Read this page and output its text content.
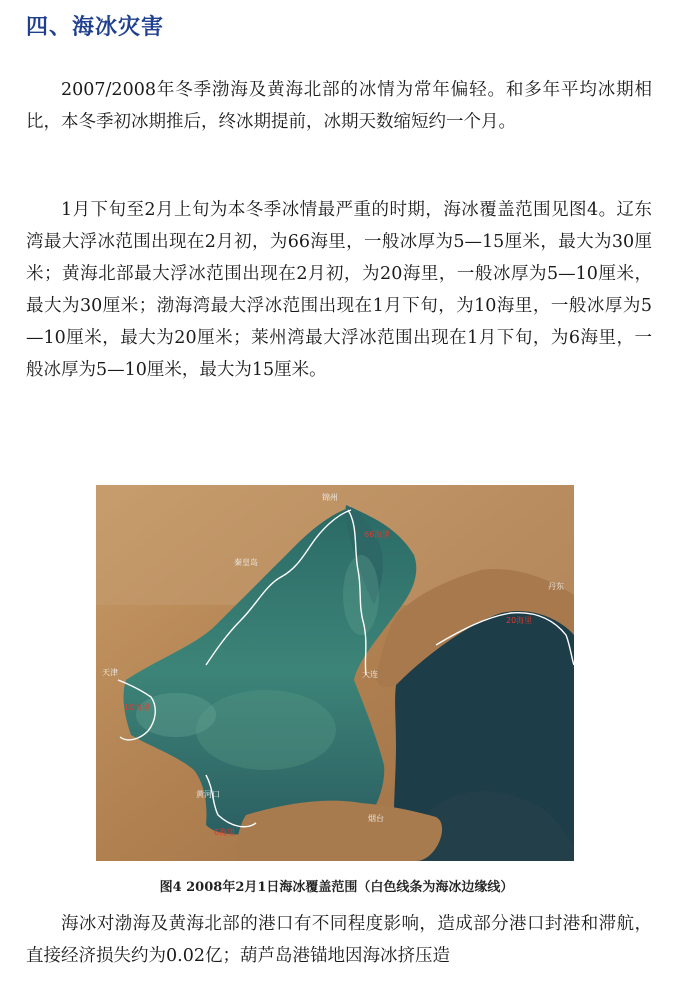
四、海冰灾害

2007/2008年冬季渤海及黄海北部的冰情为常年偏轻。和多年平均冰期相比，本冬季初冰期推后，终冰期提前，冰期天数缩短约一个月。

1月下旬至2月上旬为本冬季冰情最严重的时期，海冰覆盖范围见图4。辽东湾最大浮冰范围出现在2月初，为66海里，一般冰厚为5—15厘米，最大为30厘米；黄海北部最大浮冰范围出现在2月初，为20海里，一般冰厚为5—10厘米，最大为30厘米；渤海湾最大浮冰范围出现在1月下旬，为10海里，一般冰厚为5—10厘米，最大为20厘米；莱州湾最大浮冰范围出现在1月下旬，为6海里，一般冰厚为5—10厘米，最大为15厘米。

锦州
秦皇岛
丹东
天津	大连
黄河口
烟台
66海里
20海里
10海里
6海里
图4 2008年2月1日海冰覆盖范围（白色线条为海冰边缘线）

海冰对渤海及黄海北部的港口有不同程度影响，造成部分港口封港和滞航，直接经济损失约为0.02亿；葫芦岛港锚地因海冰挤压造
